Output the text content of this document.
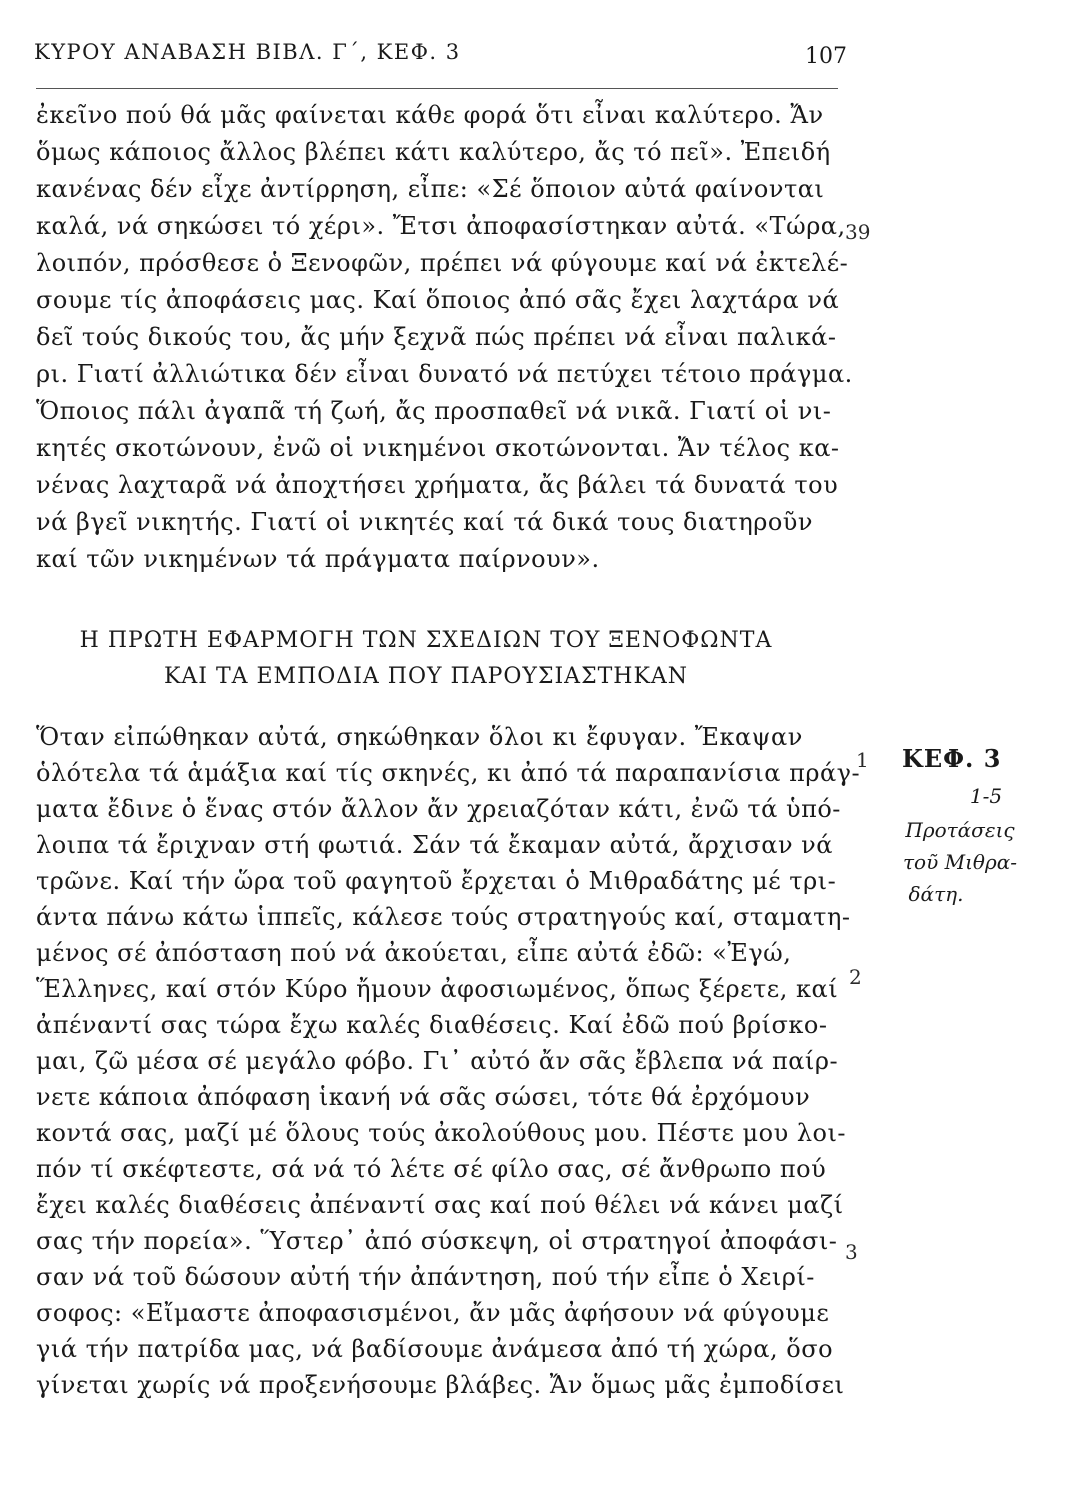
ΚΥΡΟΥ ΑΝΑΒΑΣΗ ΒΙΒΛ. Γ΄, ΚΕΦ. 3	107
ἐκεῖνο πού θά μᾶς φαίνεται κάθε φορά ὅτι εἶναι καλύτερο. Ἄν
ὅμως κάποιος ἄλλος βλέπει κάτι καλύτερο, ἄς τό πεῖ». Ἐπειδή
κανένας δέν εἶχε ἀντίρρηση, εἶπε: «Σέ ὅποιον αὐτά φαίνονται
καλά, νά σηκώσει τό χέρι». Ἔτσι ἀποφασίστηκαν αὐτά. «Τώρα,
λοιπόν, πρόσθεσε ὁ Ξενοφῶν, πρέπει νά φύγουμε καί νά ἐκτελέ-
σουμε τίς ἀποφάσεις μας. Καί ὅποιος ἀπό σᾶς ἔχει λαχτάρα νά
δεῖ τούς δικούς του, ἄς μήν ξεχνᾶ πώς πρέπει νά εἶναι παλικά-
ρι. Γιατί ἀλλιώτικα δέν εἶναι δυνατό νά πετύχει τέτοιο πράγμα.
Ὅποιος πάλι ἀγαπᾶ τή ζωή, ἄς προσπαθεῖ νά νικᾶ. Γιατί οἱ νι-
κητές σκοτώνουν, ἐνῶ οἱ νικημένοι σκοτώνονται. Ἄν τέλος κα-
νένας λαχταρᾶ νά ἀποχτήσει χρήματα, ἄς βάλει τά δυνατά του
νά βγεῖ νικητής. Γιατί οἱ νικητές καί τά δικά τους διατηροῦν
καί τῶν νικημένων τά πράγματα παίρνουν».
Η ΠΡΩΤΗ ΕΦΑΡΜΟΓΗ ΤΩΝ ΣΧΕΔΙΩΝ ΤΟΥ ΞΕΝΟΦΩΝΤΑ
ΚΑΙ ΤΑ ΕΜΠΟΔΙΑ ΠΟΥ ΠΑΡΟΥΣΙΑΣΤΗΚΑΝ
Ὅταν εἰπώθηκαν αὐτά, σηκώθηκαν ὅλοι κι ἔφυγαν. Ἔκαψαν
ὁλότελα τά ἁμάξια καί τίς σκηνές, κι ἀπό τά παραπανίσια πράγ-
ματα ἔδινε ὁ ἕνας στόν ἄλλον ἄν χρειαζόταν κάτι, ἐνῶ τά ὑπό-
λοιπα τά ἔριχναν στή φωτιά. Σάν τά ἔκαμαν αὐτά, ἄρχισαν νά
τρῶνε. Καί τήν ὥρα τοῦ φαγητοῦ ἔρχεται ὁ Μιθραδάτης μέ τρι-
άντα πάνω κάτω ἱππεῖς, κάλεσε τούς στρατηγούς καί, σταματη-
μένος σέ ἀπόσταση πού νά ἀκούεται, εἶπε αὐτά ἐδῶ: «Ἐγώ,
Ἕλληνες, καί στόν Κύρο ἤμουν ἀφοσιωμένος, ὅπως ξέρετε, καί
ἀπέναντί σας τώρα ἔχω καλές διαθέσεις. Καί ἐδῶ πού βρίσκο-
μαι, ζῶ μέσα σέ μεγάλο φόβο. Γι᾽ αὐτό ἄν σᾶς ἔβλεπα νά παίρ-
νετε κάποια ἀπόφαση ἱκανή νά σᾶς σώσει, τότε θά ἐρχόμουν
κοντά σας, μαζί μέ ὅλους τούς ἀκολούθους μου. Πέστε μου λοι-
πόν τί σκέφτεστε, σά νά τό λέτε σέ φίλο σας, σέ ἄνθρωπο πού
ἔχει καλές διαθέσεις ἀπέναντί σας καί πού θέλει νά κάνει μαζί
σας τήν πορεία». Ὕστερ᾽ ἀπό σύσκεψη, οἱ στρατηγοί ἀποφάσι-
σαν νά τοῦ δώσουν αὐτή τήν ἀπάντηση, πού τήν εἶπε ὁ Χειρί-
σοφος: «Εἴμαστε ἀποφασισμένοι, ἄν μᾶς ἀφήσουν νά φύγουμε
γιά τήν πατρίδα μας, νά βαδίσουμε ἀνάμεσα ἀπό τή χώρα, ὅσο
γίνεται χωρίς νά προξενήσουμε βλάβες. Ἄν ὅμως μᾶς ἐμποδίσει
39
1
2
3
ΚΕΦ. 3
1-5
Προτάσεις
τοῦ Μιθρα-
δάτη.
